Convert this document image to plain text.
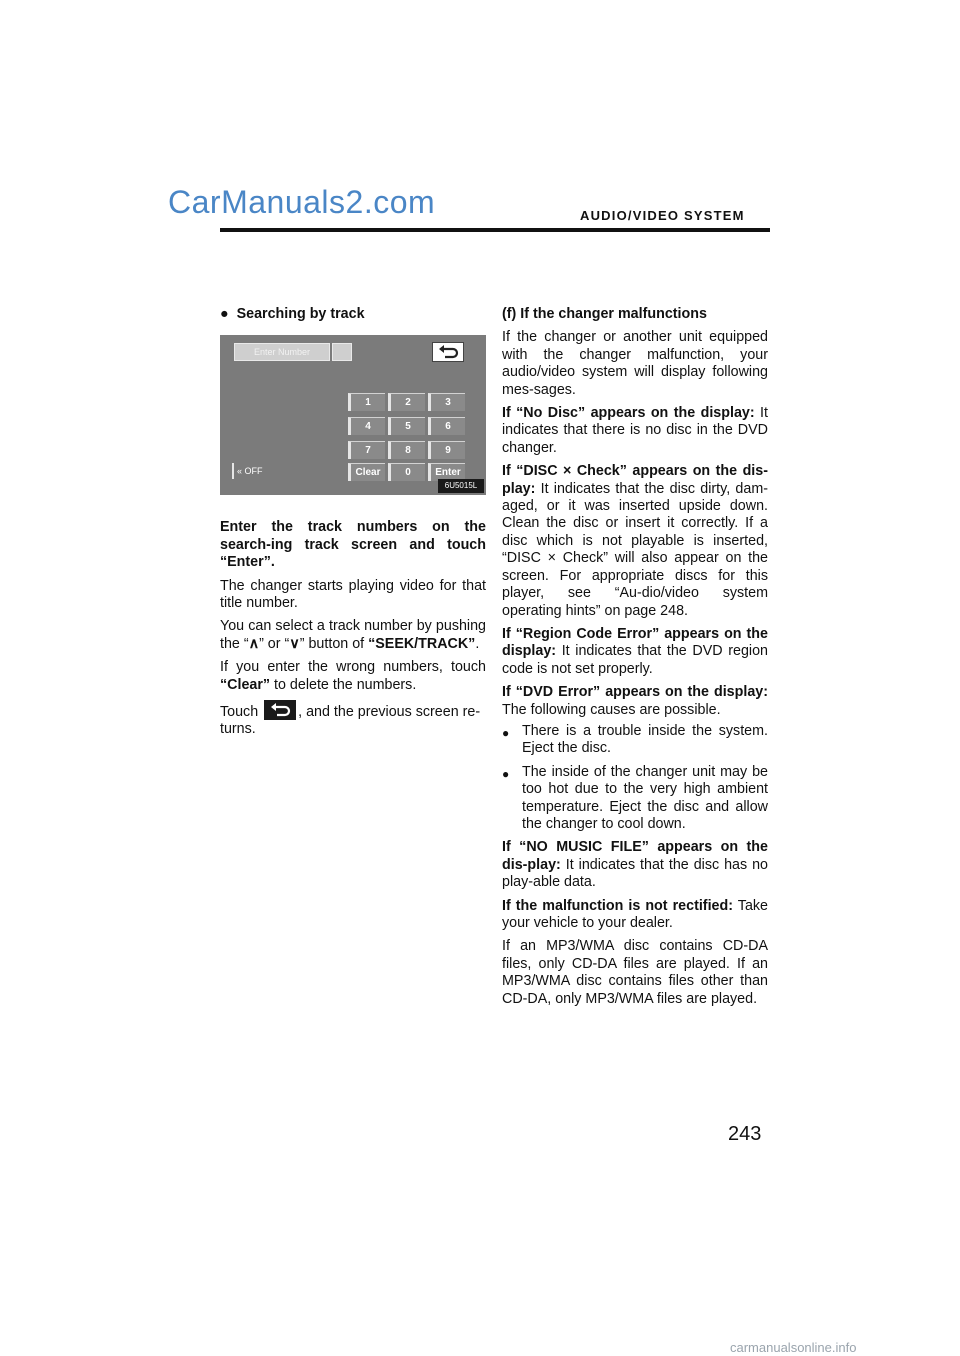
CarManuals2.com	AUDIO/VIDEO SYSTEM
● Searching by track
Enter Number
1	2	3
4	5	6
7	8	9
Clear	0	Enter
« OFF
6U5015L

Enter the track numbers on the search-ing track screen and touch “Enter”.

The changer starts playing video for that title number.

You can select a track number by pushing the “∧” or “∨” button of “SEEK/TRACK”.

If you enter the wrong numbers, touch “Clear” to delete the numbers.

Touch	, and the previous screen re-turns.

(f) If the changer malfunctions

If the changer or another unit equipped with the changer malfunction, your audio/video system will display following mes-sages.

If “No Disc” appears on the display: It indicates that there is no disc in the DVD changer.

If “DISC × Check” appears on the dis-play: It indicates that the disc dirty, dam-aged, or it was inserted upside down. Clean the disc or insert it correctly. If a disc which is not playable is inserted, “DISC × Check” will also appear on the screen. For appropriate discs for this player, see “Au-dio/video system operating hints” on page 248.

If “Region Code Error” appears on the display: It indicates that the DVD region code is not set properly.

If “DVD Error” appears on the display: The following causes are possible.

● There is a trouble inside the system. Eject the disc.
● The inside of the changer unit may be too hot due to the very high ambient temperature. Eject the disc and allow the changer to cool down.

If “NO MUSIC FILE” appears on the dis-play: It indicates that the disc has no play-able data.

If the malfunction is not rectified: Take your vehicle to your dealer.

If an MP3/WMA disc contains CD-DA files, only CD-DA files are played. If an MP3/WMA disc contains files other than CD-DA, only MP3/WMA files are played.

243
carmanualsonline.info
